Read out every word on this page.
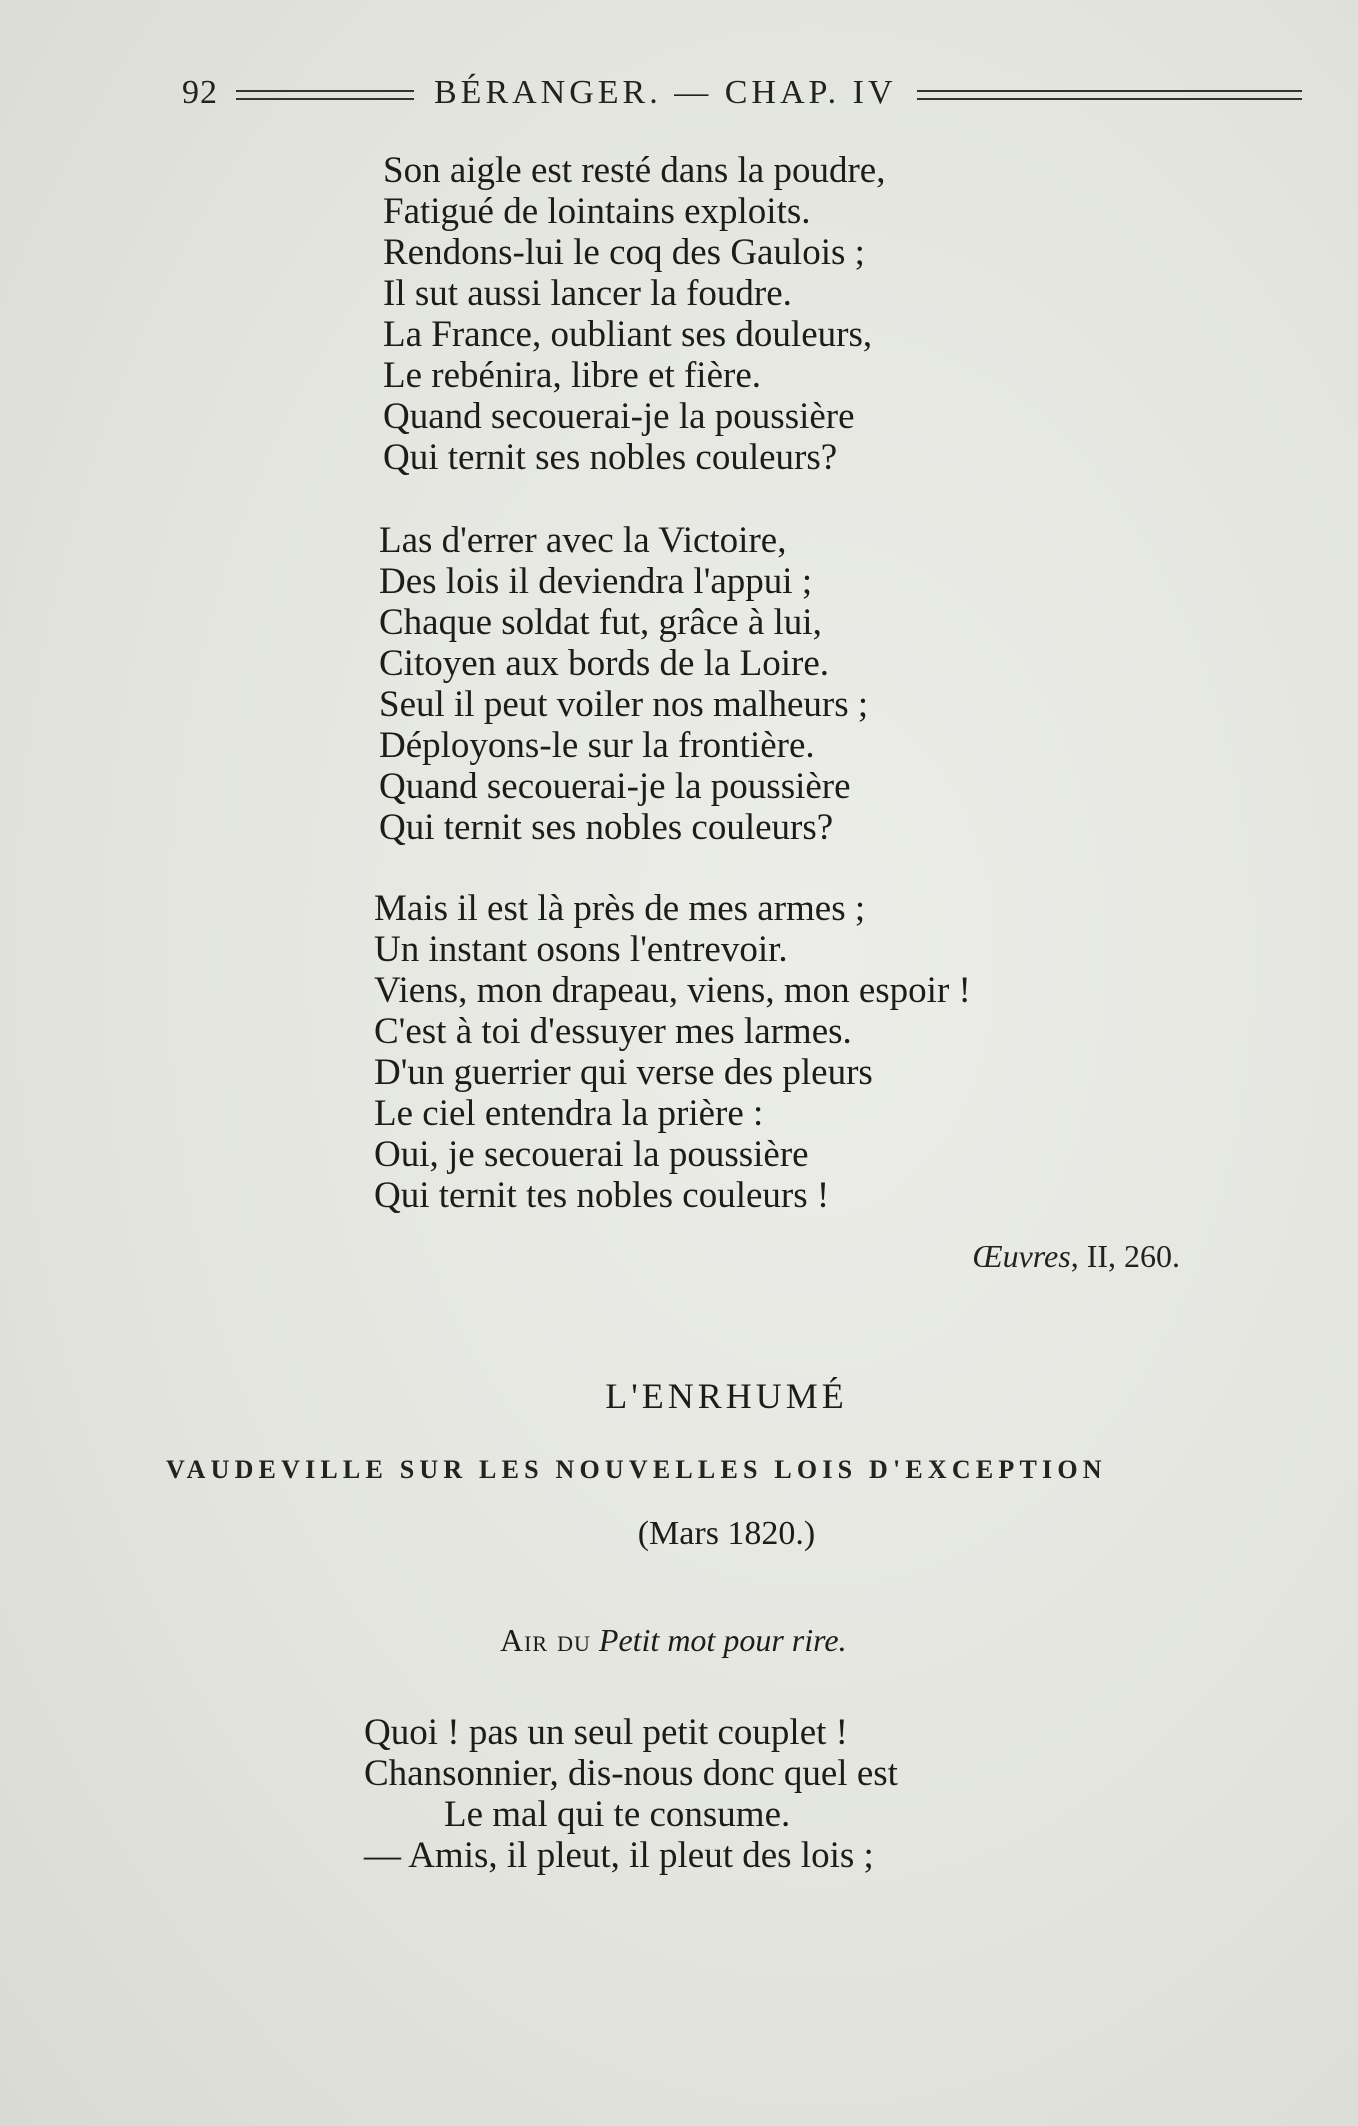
92	BÉRANGER. — CHAP. IV
Son aigle est resté dans la poudre,
Fatigué de lointains exploits.
Rendons-lui le coq des Gaulois ;
Il sut aussi lancer la foudre.
La France, oubliant ses douleurs,
Le rebénira, libre et fière.
Quand secouerai-je la poussière
Qui ternit ses nobles couleurs?
Las d'errer avec la Victoire,
Des lois il deviendra l'appui ;
Chaque soldat fut, grâce à lui,
Citoyen aux bords de la Loire.
Seul il peut voiler nos malheurs ;
Déployons-le sur la frontière.
Quand secouerai-je la poussière
Qui ternit ses nobles couleurs?
Mais il est là près de mes armes ;
Un instant osons l'entrevoir.
Viens, mon drapeau, viens, mon espoir !
C'est à toi d'essuyer mes larmes.
D'un guerrier qui verse des pleurs
Le ciel entendra la prière :
Oui, je secouerai la poussière
Qui ternit tes nobles couleurs !
Œuvres, II, 260.
L'ENRHUMÉ
VAUDEVILLE SUR LES NOUVELLES LOIS D'EXCEPTION
(Mars 1820.)
Air du Petit mot pour rire.
Quoi ! pas un seul petit couplet !
Chansonnier, dis-nous donc quel est
Le mal qui te consume.
— Amis, il pleut, il pleut des lois ;
